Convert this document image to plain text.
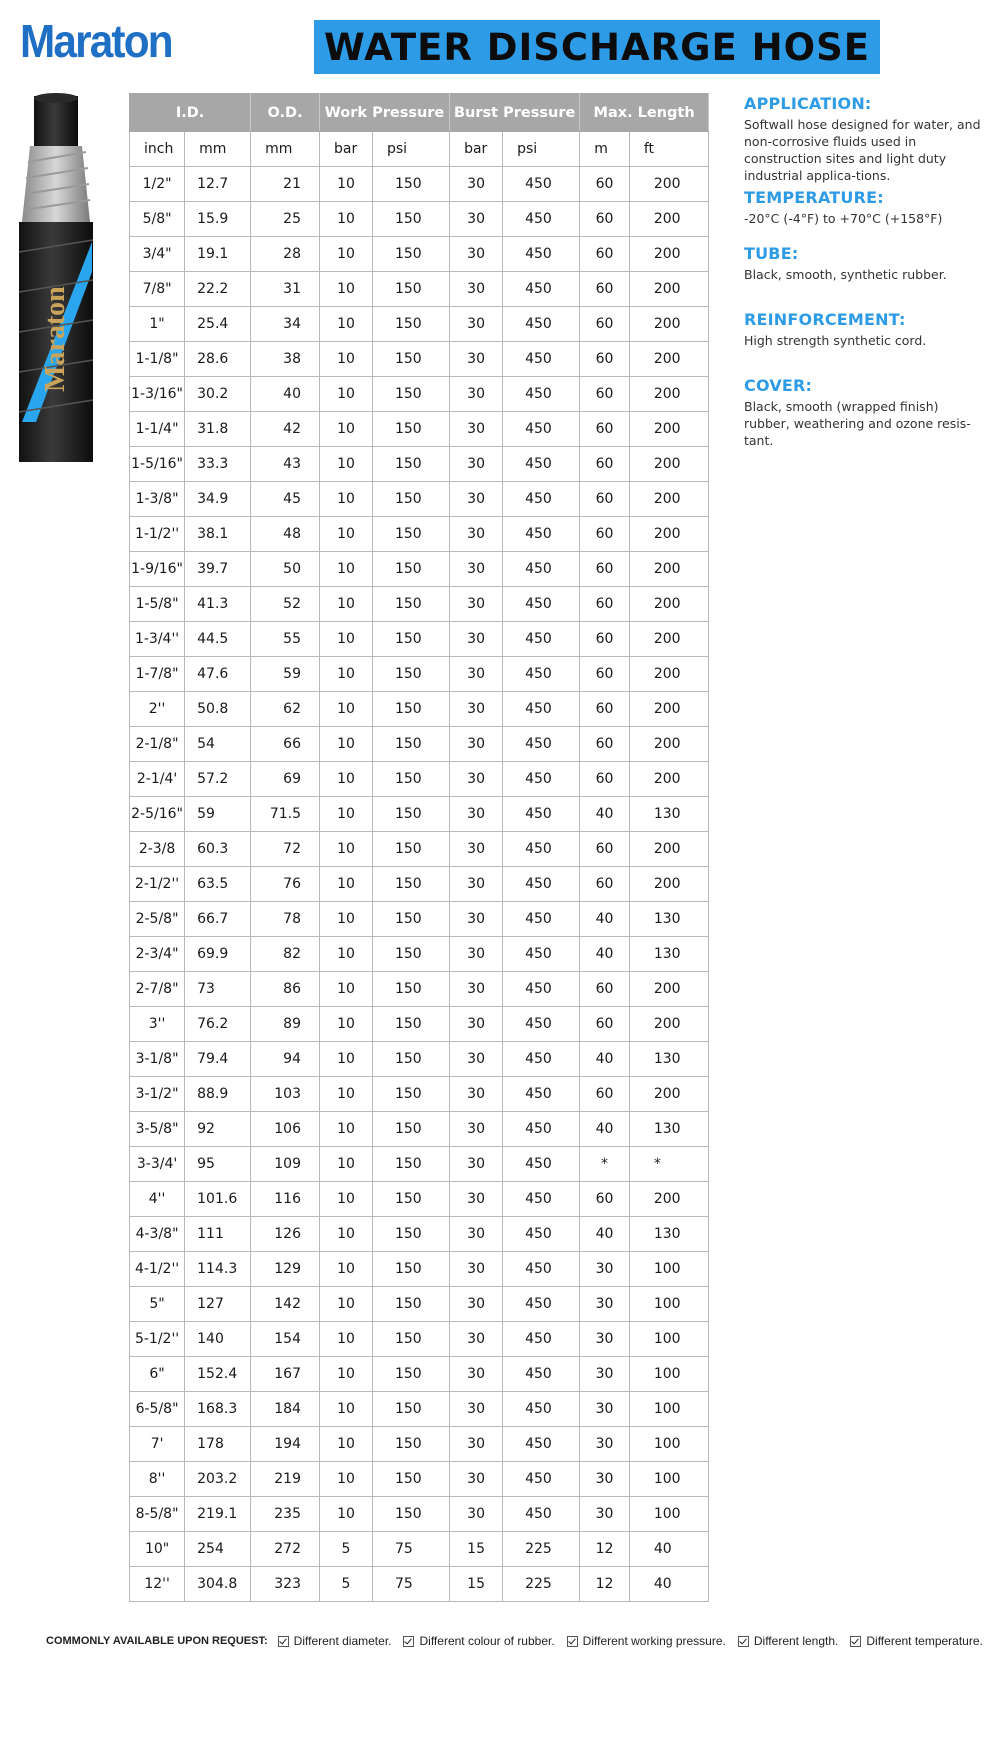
Maraton	WATER DISCHARGE HOSE
Maraton
I.D.		O.D.	Work Pressure		Burst Pressure		Max. Length	
inch	mm	mm	bar	psi	bar	psi	m	ft
1/2"	12.7	21	10	150	30	450	60	200
5/8"	15.9	25	10	150	30	450	60	200
3/4"	19.1	28	10	150	30	450	60	200
7/8"	22.2	31	10	150	30	450	60	200
1"	25.4	34	10	150	30	450	60	200
1-1/8"	28.6	38	10	150	30	450	60	200
1-3/16"	30.2	40	10	150	30	450	60	200
1-1/4"	31.8	42	10	150	30	450	60	200
1-5/16"	33.3	43	10	150	30	450	60	200
1-3/8"	34.9	45	10	150	30	450	60	200
1-1/2''	38.1	48	10	150	30	450	60	200
1-9/16"	39.7	50	10	150	30	450	60	200
1-5/8"	41.3	52	10	150	30	450	60	200
1-3/4''	44.5	55	10	150	30	450	60	200
1-7/8"	47.6	59	10	150	30	450	60	200
2''	50.8	62	10	150	30	450	60	200
2-1/8"	54	66	10	150	30	450	60	200
2-1/4'	57.2	69	10	150	30	450	60	200
2-5/16"	59	71.5	10	150	30	450	40	130
2-3/8	60.3	72	10	150	30	450	60	200
2-1/2''	63.5	76	10	150	30	450	60	200
2-5/8"	66.7	78	10	150	30	450	40	130
2-3/4"	69.9	82	10	150	30	450	40	130
2-7/8"	73	86	10	150	30	450	60	200
3''	76.2	89	10	150	30	450	60	200
3-1/8"	79.4	94	10	150	30	450	40	130
3-1/2"	88.9	103	10	150	30	450	60	200
3-5/8"	92	106	10	150	30	450	40	130
3-3/4'	95	109	10	150	30	450	*	*
4''	101.6	116	10	150	30	450	60	200
4-3/8"	111	126	10	150	30	450	40	130
4-1/2''	114.3	129	10	150	30	450	30	100
5"	127	142	10	150	30	450	30	100
5-1/2''	140	154	10	150	30	450	30	100
6"	152.4	167	10	150	30	450	30	100
6-5/8"	168.3	184	10	150	30	450	30	100
7'	178	194	10	150	30	450	30	100
8''	203.2	219	10	150	30	450	30	100
8-5/8"	219.1	235	10	150	30	450	30	100
10"	254	272	5	75	15	225	12	40
12''	304.8	323	5	75	15	225	12	40
APPLICATION:

Softwall hose designed for water, and non-corrosive fluids used in construction sites and light duty industrial applica-tions.

TEMPERATURE:

-20°C (-4°F) to +70°C (+158°F)

TUBE:

Black, smooth, synthetic rubber.

REINFORCEMENT:

High strength synthetic cord.

COVER:

Black, smooth (wrapped finish) rubber, weathering and ozone resis-tant.

COMMONLY AVAILABLE UPON REQUEST: Different diameter. Different colour of rubber. Different working pressure. Different length. Different temperature.
